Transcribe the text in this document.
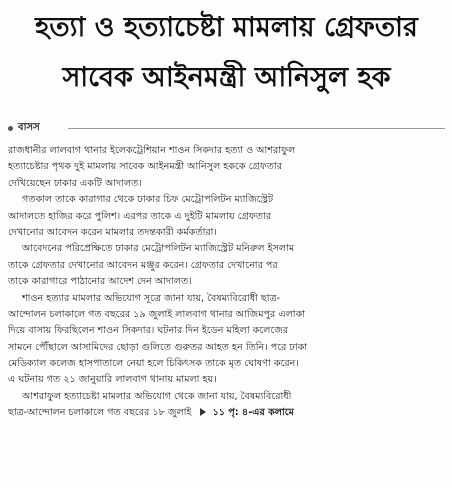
হত্যা ও হত্যাচেষ্টা মামলায় গ্রেফতার
সাবেক আইনমন্ত্রী আনিসুল হক
বাসস
রাজধানীর লালবাগ থানার ইলেকট্রেশিয়ান শাওন সিকদার হত্যা ও আশরাফুল
হত্যাচেষ্টার পৃথক দুই মামলায় সাবেক আইনমন্ত্রী আনিসুল হককে গ্রেফতার
দেখিয়েছেন ঢাকার একটি আদালত।
গতকাল তাকে কারাগার থেকে ঢাকার চিফ মেট্রোপলিটন ম্যাজিস্ট্রেট
আদালতে হাজির করে পুলিশ। এরপর তাকে এ দুইটি মামলায় গ্রেফতার
দেখানোর আবেদন করেন মামলার তদন্তকারী কর্মকর্তারা।
আবেদনের পরিপ্রেক্ষিতে ঢাকার মেট্রোপলিটন ম্যাজিস্ট্রেট মনিরুল ইসলাম
তাকে গ্রেফতার দেখানোর আবেদন মঞ্জুর করেন। গ্রেফতার দেখানোর পর
তাকে কারাগারে পাঠানোর আদেশ দেন আদালত।
শাওন হত্যার মামলার অভিযোগ সূত্রে জানা যায়, বৈষম্যবিরোধী ছাত্র-
আন্দোলন চলাকালে গত বছরের ১৯ জুলাই লালবাগ থানার আজিমপুর এলাকা
দিয়ে বাসায় ফিরছিলেন শাওন সিকদার। ঘটনার দিন ইডেন মহিলা কলেজের
সামনে পৌঁছালে আসামিদের ছোড়া গুলিতে গুরুতর আহত হন তিনি। পরে ঢাকা
মেডিক্যাল কলেজ হাসপাতালে নেয়া হলে চিকিৎসক তাকে মৃত ঘোষণা করেন।
এ ঘটনায় গত ২১ জানুয়ারি লালবাগ থানায় মামলা হয়।
আশরাফুল হত্যাচেষ্টা মামলার অভিযোগ থেকে জানা যায়, বৈষম্যবিরোধী
ছাত্র-আন্দোলন চলাকালে গত বছরের ১৮ জুলাই ১১ পৃ: ৪-এর কলামে
